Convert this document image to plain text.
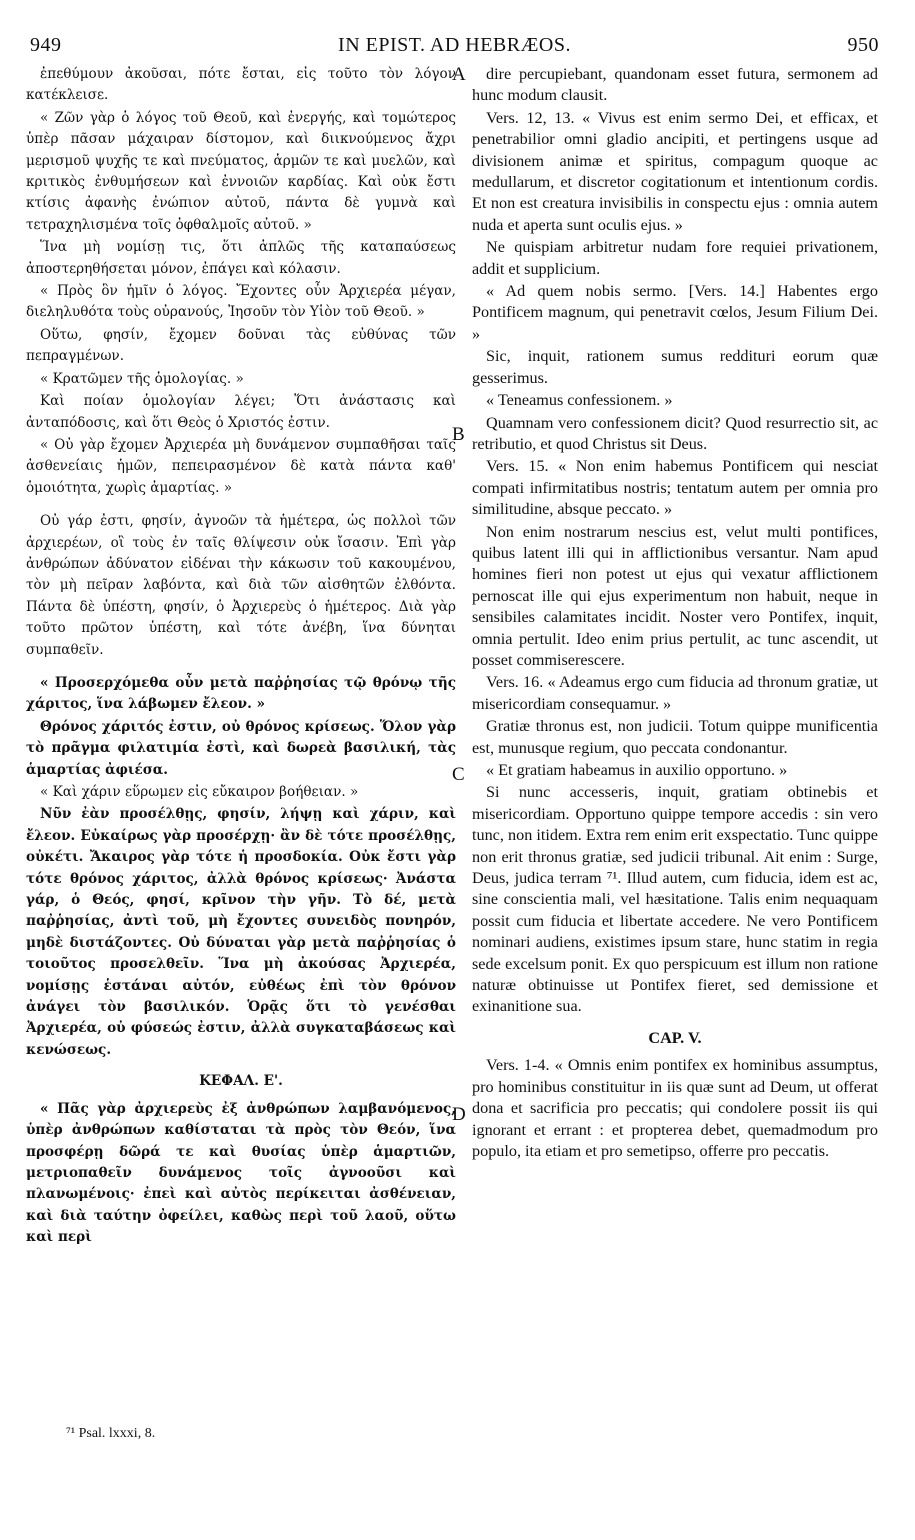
949	IN EPIST. AD HEBRÆOS.	950

ἐπεθύμουν ἀκοῦσαι, πότε ἔσται, εἰς τοῦτο τὸν λόγον κατέκλεισε.

« Ζῶν γὰρ ὁ λόγος τοῦ Θεοῦ, καὶ ἐνεργής, καὶ τομώτερος ὑπὲρ πᾶσαν μάχαιραν δίστομον, καὶ διικνούμενος ἄχρι μερισμοῦ ψυχῆς τε καὶ πνεύματος, ἁρμῶν τε καὶ μυελῶν, καὶ κριτικὸς ἐνθυμήσεων καὶ ἐννοιῶν καρδίας. Καὶ οὐκ ἔστι κτίσις ἀφανὴς ἐνώπιον αὐτοῦ, πάντα δὲ γυμνὰ καὶ τετραχηλισμένα τοῖς ὀφθαλμοῖς αὐτοῦ. »

Ἵνα μὴ νομίσῃ τις, ὅτι ἁπλῶς τῆς καταπαύσεως ἀποστερηθήσεται μόνον, ἐπάγει καὶ κόλασιν.

« Πρὸς ὃν ἡμῖν ὁ λόγος. Ἔχοντες οὖν Ἀρχιερέα μέγαν, διεληλυθότα τοὺς οὐρανούς, Ἰησοῦν τὸν Υἱὸν τοῦ Θεοῦ. »

Οὕτω, φησίν, ἔχομεν δοῦναι τὰς εὐθύνας τῶν πεπραγμένων.

« Κρατῶμεν τῆς ὁμολογίας. »

Καὶ ποίαν ὁμολογίαν λέγει; Ὅτι ἀνάστασις καὶ ἀνταπόδοσις, καὶ ὅτι Θεὸς ὁ Χριστός ἐστιν.

« Οὐ γὰρ ἔχομεν Ἀρχιερέα μὴ δυνάμενον συμπαθῆσαι ταῖς ἀσθενείαις ἡμῶν, πεπειρασμένον δὲ κατὰ πάντα καθ' ὁμοιότητα, χωρὶς ἁμαρτίας. »

Οὐ γάρ ἐστι, φησίν, ἀγνοῶν τὰ ἡμέτερα, ὡς πολλοὶ τῶν ἀρχιερέων, οἳ τοὺς ἐν ταῖς θλίψεσιν οὐκ ἴσασιν. Ἐπὶ γὰρ ἀνθρώπων ἀδύνατον εἰδέναι τὴν κάκωσιν τοῦ κακουμένου, τὸν μὴ πεῖραν λαβόντα, καὶ διὰ τῶν αἰσθητῶν ἐλθόντα. Πάντα δὲ ὑπέστη, φησίν, ὁ Ἀρχιερεὺς ὁ ἡμέτερος. Διὰ γὰρ τοῦτο πρῶτον ὑπέστη, καὶ τότε ἀνέβη, ἵνα δύνηται συμπαθεῖν.

« Προσερχόμεθα οὖν μετὰ παῤῥησίας τῷ θρόνῳ τῆς χάριτος, ἵνα λάβωμεν ἔλεον. »

Θρόνος χάριτός ἐστιν, οὐ θρόνος κρίσεως. Ὅλον γὰρ τὸ πρᾶγμα φιλατιμία ἐστὶ, καὶ δωρεὰ βασιλική, τὰς ἁμαρτίας ἀφιέσα.

« Καὶ χάριν εὕρωμεν εἰς εὔκαιρον βοήθειαν. »

Νῦν ἐὰν προσέλθῃς, φησίν, λήψῃ καὶ χάριν, καὶ ἔλεον. Εὐκαίρως γὰρ προσέρχῃ· ἂν δὲ τότε προσέλθῃς, οὐκέτι. Ἄκαιρος γὰρ τότε ἡ προσδοκία. Οὐκ ἔστι γὰρ τότε θρόνος χάριτος, ἀλλὰ θρόνος κρίσεως· Ἀνάστα γάρ, ὁ Θεός, φησί, κρῖνον τὴν γῆν. Τὸ δέ, μετὰ παῤῥησίας, ἀντὶ τοῦ, μὴ ἔχοντες συνειδὸς πονηρόν, μηδὲ διστάζοντες. Οὐ δύναται γὰρ μετὰ παῤῥησίας ὁ τοιοῦτος προσελθεῖν. Ἵνα μὴ ἀκούσας Ἀρχιερέα, νομίσῃς ἑστάναι αὐτόν, εὐθέως ἐπὶ τὸν θρόνον ἀνάγει τὸν βασιλικόν. Ὁρᾷς ὅτι τὸ γενέσθαι Ἀρχιερέα, οὐ φύσεώς ἐστιν, ἀλλὰ συγκαταβάσεως καὶ κενώσεως.

ΚΕΦΑΛ. Ε'.

« Πᾶς γὰρ ἀρχιερεὺς ἐξ ἀνθρώπων λαμβανόμενος, ὑπὲρ ἀνθρώπων καθίσταται τὰ πρὸς τὸν Θεόν, ἵνα προσφέρῃ δῶρά τε καὶ θυσίας ὑπὲρ ἁμαρτιῶν, μετριοπαθεῖν δυνάμενος τοῖς ἀγνοοῦσι καὶ πλανωμένοις· ἐπεὶ καὶ αὐτὸς περίκειται ἀσθένειαν, καὶ διὰ ταύτην ὀφείλει, καθὼς περὶ τοῦ λαοῦ, οὕτω καὶ περὶ

dire percupiebant, quandonam esset futura, sermonem ad hunc modum clausit.

Vers. 12, 13. « Vivus est enim sermo Dei, et efficax, et penetrabilior omni gladio ancipiti, et pertingens usque ad divisionem animæ et spiritus, compagum quoque ac medullarum, et discretor cogitationum et intentionum cordis. Et non est creatura invisibilis in conspectu ejus : omnia autem nuda et aperta sunt oculis ejus. »

Ne quispiam arbitretur nudam fore requiei privationem, addit et supplicium.

« Ad quem nobis sermo. [Vers. 14.] Habentes ergo Pontificem magnum, qui penetravit cœlos, Jesum Filium Dei. »

Sic, inquit, rationem sumus reddituri eorum quæ gesserimus.

« Teneamus confessionem. »

Quamnam vero confessionem dicit? Quod resurrectio sit, ac retributio, et quod Christus sit Deus.

Vers. 15. « Non enim habemus Pontificem qui nesciat compati infirmitatibus nostris; tentatum autem per omnia pro similitudine, absque peccato. »

Non enim nostrarum nescius est, velut multi pontifices, quibus latent illi qui in afflictionibus versantur. Nam apud homines fieri non potest ut ejus qui vexatur afflictionem pernoscat ille qui ejus experimentum non habuit, neque in sensibiles calamitates incidit. Noster vero Pontifex, inquit, omnia pertulit. Ideo enim prius pertulit, ac tunc ascendit, ut posset commiserescere.

Vers. 16. « Adeamus ergo cum fiducia ad thronum gratiæ, ut misericordiam consequamur. »

Gratiæ thronus est, non judicii. Totum quippe munificentia est, munusque regium, quo peccata condonantur.

« Et gratiam habeamus in auxilio opportuno. »

Si nunc accesseris, inquit, gratiam obtinebis et misericordiam. Opportuno quippe tempore accedis : sin vero tunc, non itidem. Extra rem enim erit exspectatio. Tunc quippe non erit thronus gratiæ, sed judicii tribunal. Ait enim : Surge, Deus, judica terram ⁷¹. Illud autem, cum fiducia, idem est ac, sine conscientia mali, vel hæsitatione. Talis enim nequaquam possit cum fiducia et libertate accedere. Ne vero Pontificem nominari audiens, existimes ipsum stare, hunc statim in regia sede excelsum ponit. Ex quo perspicuum est illum non ratione naturæ obtinuisse ut Pontifex fieret, sed demissione et exinanitione sua.

CAP. V.

Vers. 1-4. « Omnis enim pontifex ex hominibus assumptus, pro hominibus constituitur in iis quæ sunt ad Deum, ut offerat dona et sacrificia pro peccatis; qui condolere possit iis qui ignorant et errant : et propterea debet, quemadmodum pro populo, ita etiam et pro semetipso, offerre pro peccatis.

A
B
C
D
⁷¹ Psal. lxxxi, 8.
